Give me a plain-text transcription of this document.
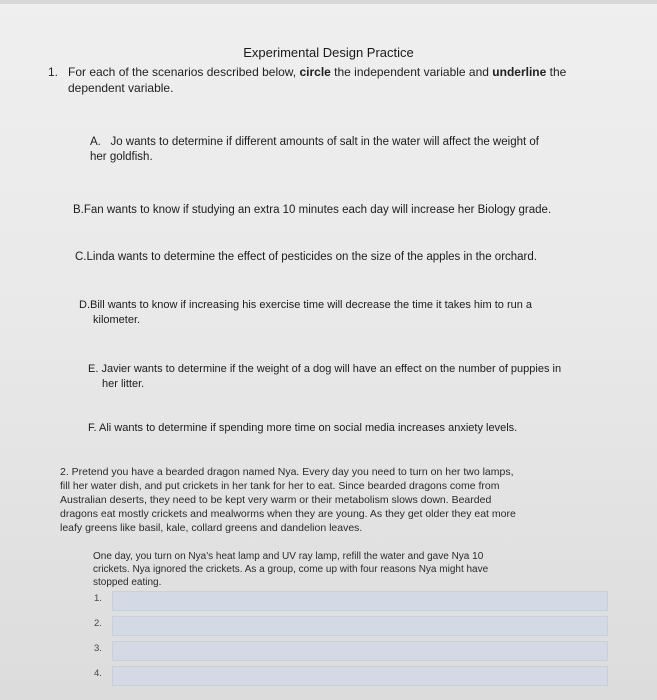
Experimental Design Practice
1. For each of the scenarios described below, circle the independent variable and underline the dependent variable.
A. Jo wants to determine if different amounts of salt in the water will affect the weight of
her goldfish.
B.Fan wants to know if studying an extra 10 minutes each day will increase her Biology grade.
C.Linda wants to determine the effect of pesticides on the size of the apples in the orchard.
D.Bill wants to know if increasing his exercise time will decrease the time it takes him to run a
kilometer.
E. Javier wants to determine if the weight of a dog will have an effect on the number of puppies in
her litter.
F. Ali wants to determine if spending more time on social media increases anxiety levels.
2. Pretend you have a bearded dragon named Nya. Every day you need to turn on her two lamps,
fill her water dish, and put crickets in her tank for her to eat. Since bearded dragons come from
Australian deserts, they need to be kept very warm or their metabolism slows down. Bearded
dragons eat mostly crickets and mealworms when they are young. As they get older they eat more
leafy greens like basil, kale, collard greens and dandelion leaves.
One day, you turn on Nya's heat lamp and UV ray lamp, refill the water and gave Nya 10
crickets. Nya ignored the crickets. As a group, come up with four reasons Nya might have
stopped eating.
1.
2.
3.
4.
